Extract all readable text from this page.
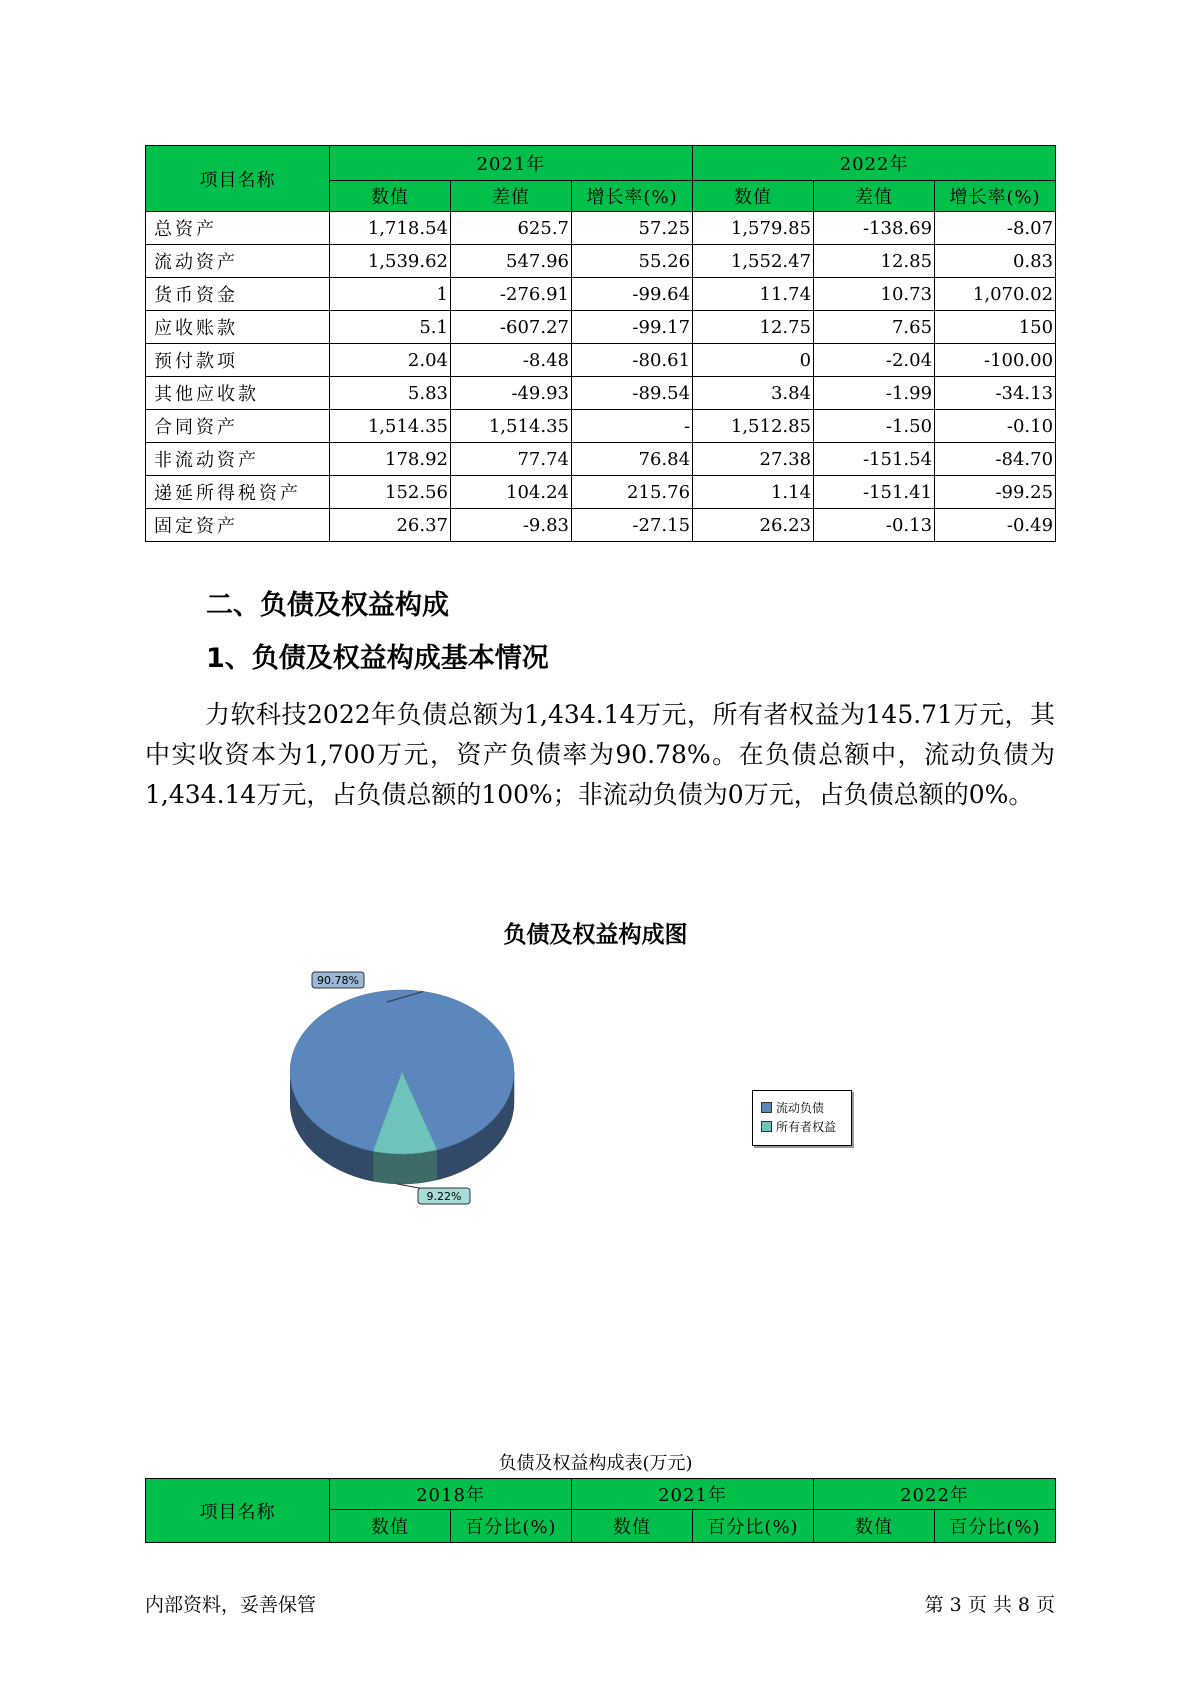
项目名称	2021年			2022年		
	数值	差值	增长率(%)	数值	差值	增长率(%)
总资产	1,718.54	625.7	57.25	1,579.85	-138.69	-8.07
流动资产	1,539.62	547.96	55.26	1,552.47	12.85	0.83
货币资金	1	-276.91	-99.64	11.74	10.73	1,070.02
应收账款	5.1	-607.27	-99.17	12.75	7.65	150
预付款项	2.04	-8.48	-80.61	0	-2.04	-100.00
其他应收款	5.83	-49.93	-89.54	3.84	-1.99	-34.13
合同资产	1,514.35	1,514.35	-	1,512.85	-1.50	-0.10
非流动资产	178.92	77.74	76.84	27.38	-151.54	-84.70
递延所得税资产	152.56	104.24	215.76	1.14	-151.41	-99.25
固定资产	26.37	-9.83	-27.15	26.23	-0.13	-0.49
二、负债及权益构成
1、负债及权益构成基本情况

力软科技2022年负债总额为1,434.14万元，所有者权益为145.71万元，其中实收资本为1,700万元，资产负债率为90.78%。在负债总额中，流动负债为1,434.14万元，占负债总额的100%；非流动负债为0万元，占负债总额的0%。

负债及权益构成图
90.78%
9.22%
流动负债
所有者权益

负债及权益构成表(万元)

项目名称	2018年		2021年		2022年	
	数值	百分比(%)	数值	百分比(%)	数值	百分比(%)

内部资料，妥善保管	第 3 页 共 8 页
